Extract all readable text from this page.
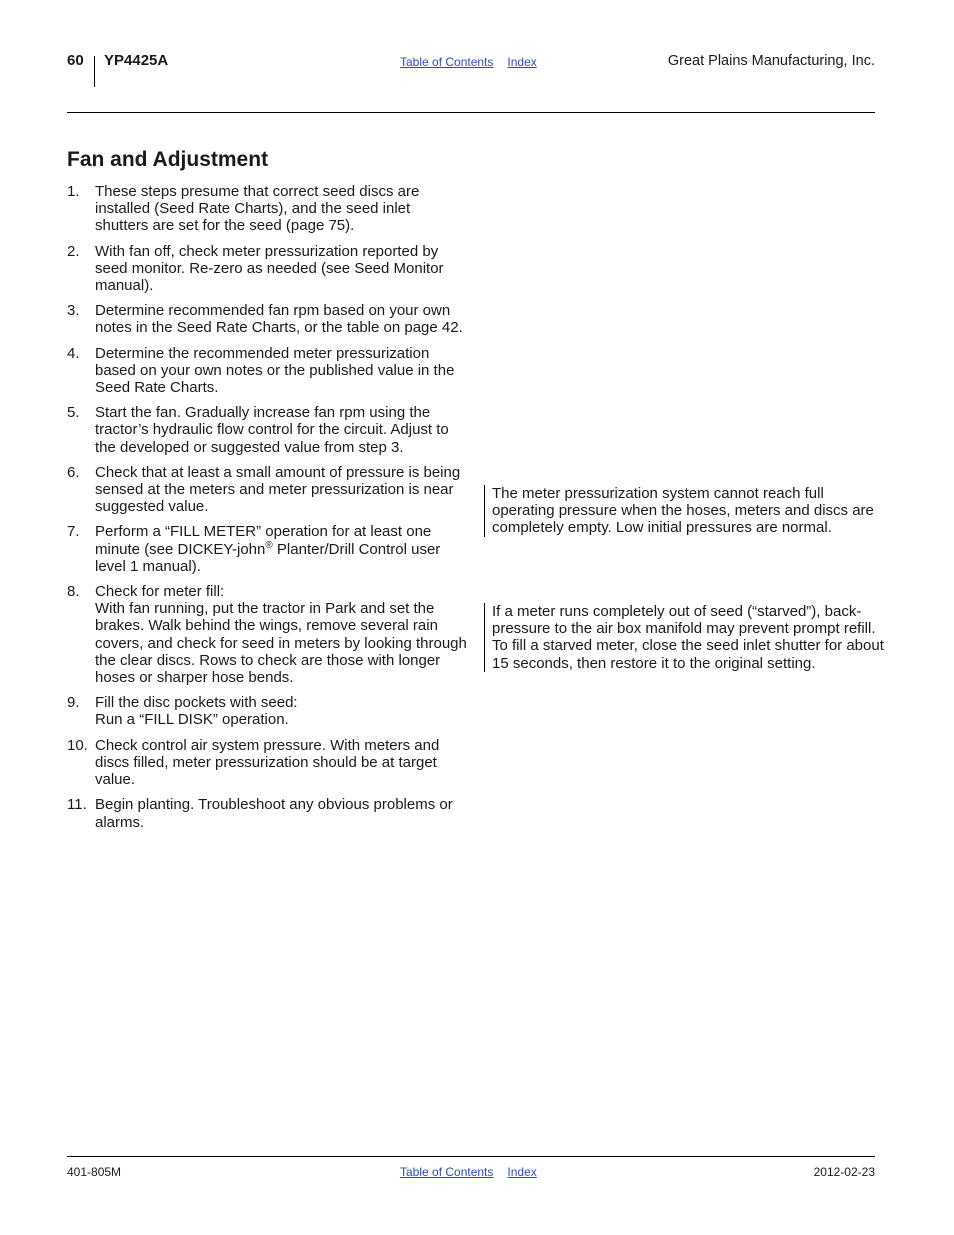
60 YP4425A	Table of Contents Index	Great Plains Manufacturing, Inc.
Fan and Adjustment
1. These steps presume that correct seed discs are installed (Seed Rate Charts), and the seed inlet shutters are set for the seed (page 75).
2. With fan off, check meter pressurization reported by seed monitor. Re-zero as needed (see Seed Monitor manual).
3. Determine recommended fan rpm based on your own notes in the Seed Rate Charts, or the table on page 42.
4. Determine the recommended meter pressurization based on your own notes or the published value in the Seed Rate Charts.
5. Start the fan. Gradually increase fan rpm using the tractor’s hydraulic flow control for the circuit. Adjust to the developed or suggested value from step 3.
6. Check that at least a small amount of pressure is being sensed at the meters and meter pressurization is near suggested value.
7. Perform a “FILL METER” operation for at least one minute (see DICKEY-john® Planter/Drill Control user level 1 manual).
8. Check for meter fill:
With fan running, put the tractor in Park and set the brakes. Walk behind the wings, remove several rain covers, and check for seed in meters by looking through the clear discs. Rows to check are those with longer hoses or sharper hose bends.
9. Fill the disc pockets with seed:
Run a “FILL DISK” operation.
10. Check control air system pressure. With meters and discs filled, meter pressurization should be at target value.
11. Begin planting. Troubleshoot any obvious problems or alarms.
The meter pressurization system cannot reach full operating pressure when the hoses, meters and discs are completely empty. Low initial pressures are normal.
If a meter runs completely out of seed (“starved”), back-pressure to the air box manifold may prevent prompt refill. To fill a starved meter, close the seed inlet shutter for about 15 seconds, then restore it to the original setting.
401-805M	Table of Contents Index	2012-02-23
